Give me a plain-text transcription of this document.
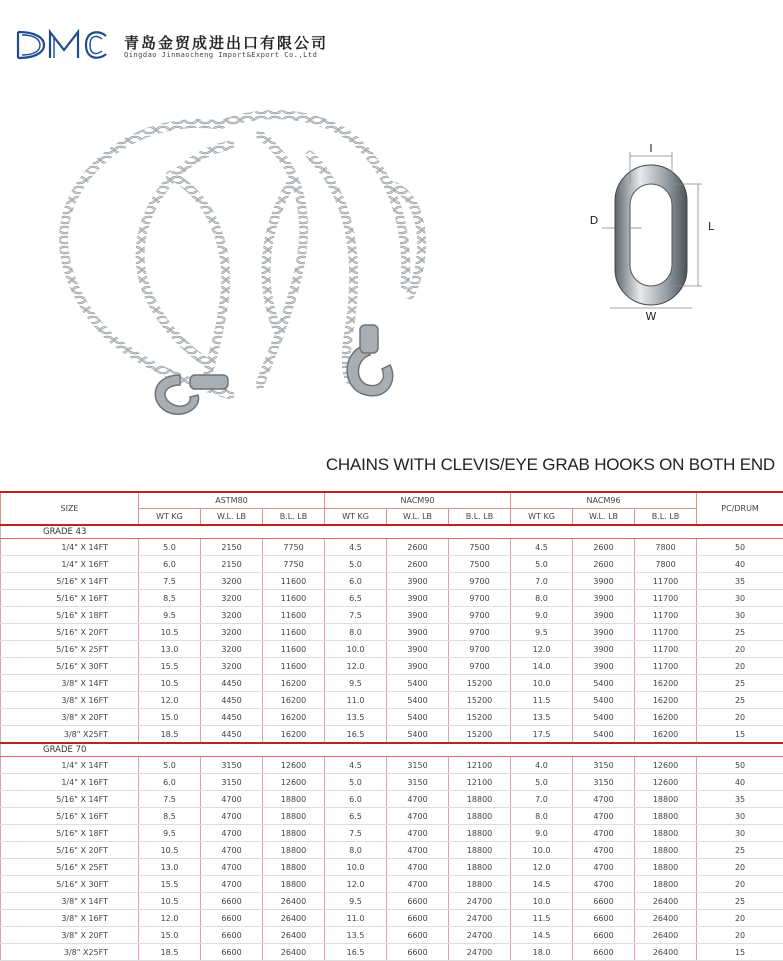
青岛金贸成进出口有限公司
Qingdao Jinmaocheng Import&Export Co.,Ltd
I
D	L
W
CHAINS WITH CLEVIS/EYE GRAB HOOKS ON BOTH END
SIZE	ASTM80			NACM90			NACM96			PC/DRUM
	WT KG	W.L. LB	B.L. LB	WT KG	W.L. LB	B.L. LB	WT KG	W.L. LB	B.L. LB	
GRADE 43										
1/4" X 14FT	5.0	2150	7750	4.5	2600	7500	4.5	2600	7800	50
1/4" X 16FT	6.0	2150	7750	5.0	2600	7500	5.0	2600	7800	40
5/16" X 14FT	7.5	3200	11600	6.0	3900	9700	7.0	3900	11700	35
5/16" X 16FT	8.5	3200	11600	6.5	3900	9700	8.0	3900	11700	30
5/16" X 18FT	9.5	3200	11600	7.5	3900	9700	9.0	3900	11700	30
5/16" X 20FT	10.5	3200	11600	8.0	3900	9700	9.5	3900	11700	25
5/16" X 25FT	13.0	3200	11600	10.0	3900	9700	12.0	3900	11700	20
5/16" X 30FT	15.5	3200	11600	12.0	3900	9700	14.0	3900	11700	20
3/8" X 14FT	10.5	4450	16200	9.5	5400	15200	10.0	5400	16200	25
3/8" X 16FT	12.0	4450	16200	11.0	5400	15200	11.5	5400	16200	25
3/8" X 20FT	15.0	4450	16200	13.5	5400	15200	13.5	5400	16200	20
3/8" X25FT	18.5	4450	16200	16.5	5400	15200	17.5	5400	16200	15
GRADE 70										
1/4" X 14FT	5.0	3150	12600	4.5	3150	12100	4.0	3150	12600	50
1/4" X 16FT	6.0	3150	12600	5.0	3150	12100	5.0	3150	12600	40
5/16" X 14FT	7.5	4700	18800	6.0	4700	18800	7.0	4700	18800	35
5/16" X 16FT	8.5	4700	18800	6.5	4700	18800	8.0	4700	18800	30
5/16" X 18FT	9.5	4700	18800	7.5	4700	18800	9.0	4700	18800	30
5/16" X 20FT	10.5	4700	18800	8.0	4700	18800	10.0	4700	18800	25
5/16" X 25FT	13.0	4700	18800	10.0	4700	18800	12.0	4700	18800	20
5/16" X 30FT	15.5	4700	18800	12.0	4700	18800	14.5	4700	18800	20
3/8" X 14FT	10.5	6600	26400	9.5	6600	24700	10.0	6600	26400	25
3/8" X 16FT	12.0	6600	26400	11.0	6600	24700	11.5	6600	26400	20
3/8" X 20FT	15.0	6600	26400	13.5	6600	24700	14.5	6600	26400	20
3/8" X25FT	18.5	6600	26400	16.5	6600	24700	18.0	6600	26400	15
